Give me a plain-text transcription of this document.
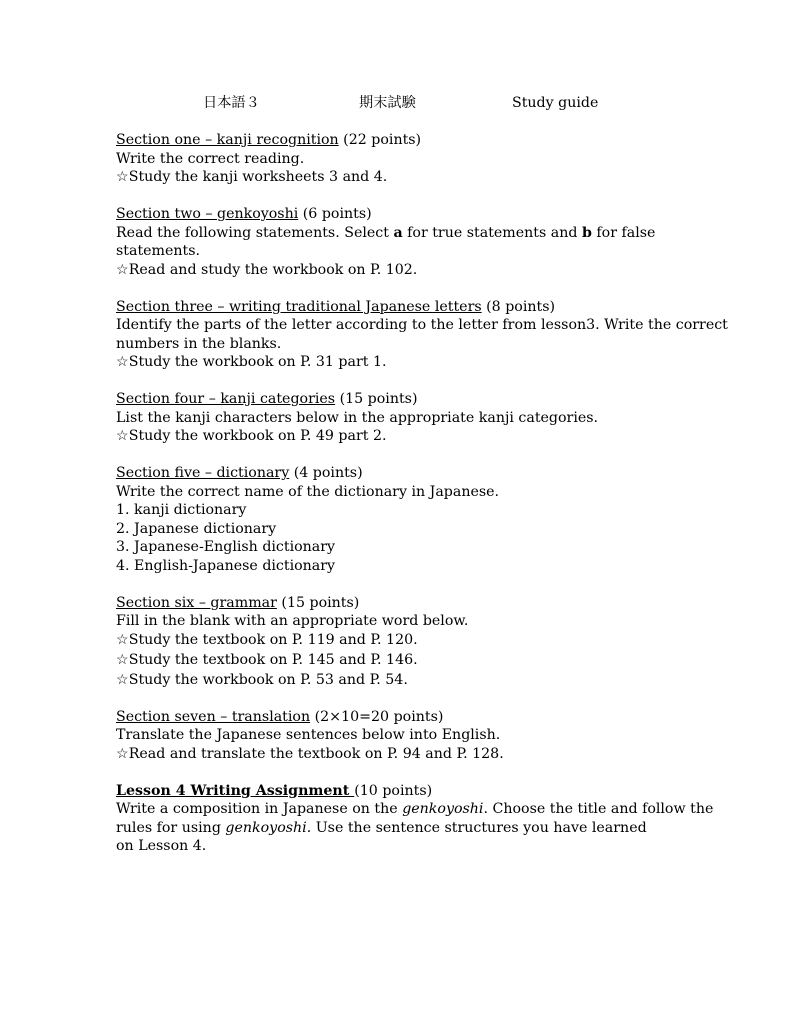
日本語３	期末試験	Study guide
Section one – kanji recognition (22 points)
Write the correct reading.
☆Study the kanji worksheets 3 and 4.
Section two – genkoyoshi (6 points)
Read the following statements. Select a for true statements and b for false
statements.
☆Read and study the workbook on P. 102.
Section three – writing traditional Japanese letters (8 points)
Identify the parts of the letter according to the letter from lesson3. Write the correct
numbers in the blanks.
☆Study the workbook on P. 31 part 1.
Section four – kanji categories (15 points)
List the kanji characters below in the appropriate kanji categories.
☆Study the workbook on P. 49 part 2.
Section five – dictionary (4 points)
Write the correct name of the dictionary in Japanese.
1. kanji dictionary
2. Japanese dictionary
3. Japanese-English dictionary
4. English-Japanese dictionary
Section six – grammar (15 points)
Fill in the blank with an appropriate word below.
☆Study the textbook on P. 119 and P. 120.
☆Study the textbook on P. 145 and P. 146.
☆Study the workbook on P. 53 and P. 54.
Section seven – translation (2×10=20 points)
Translate the Japanese sentences below into English.
☆Read and translate the textbook on P. 94 and P. 128.
Lesson 4 Writing Assignment (10 points)
Write a composition in Japanese on the genkoyoshi. Choose the title and follow the
rules for using genkoyoshi. Use the sentence structures you have learned
on Lesson 4.
